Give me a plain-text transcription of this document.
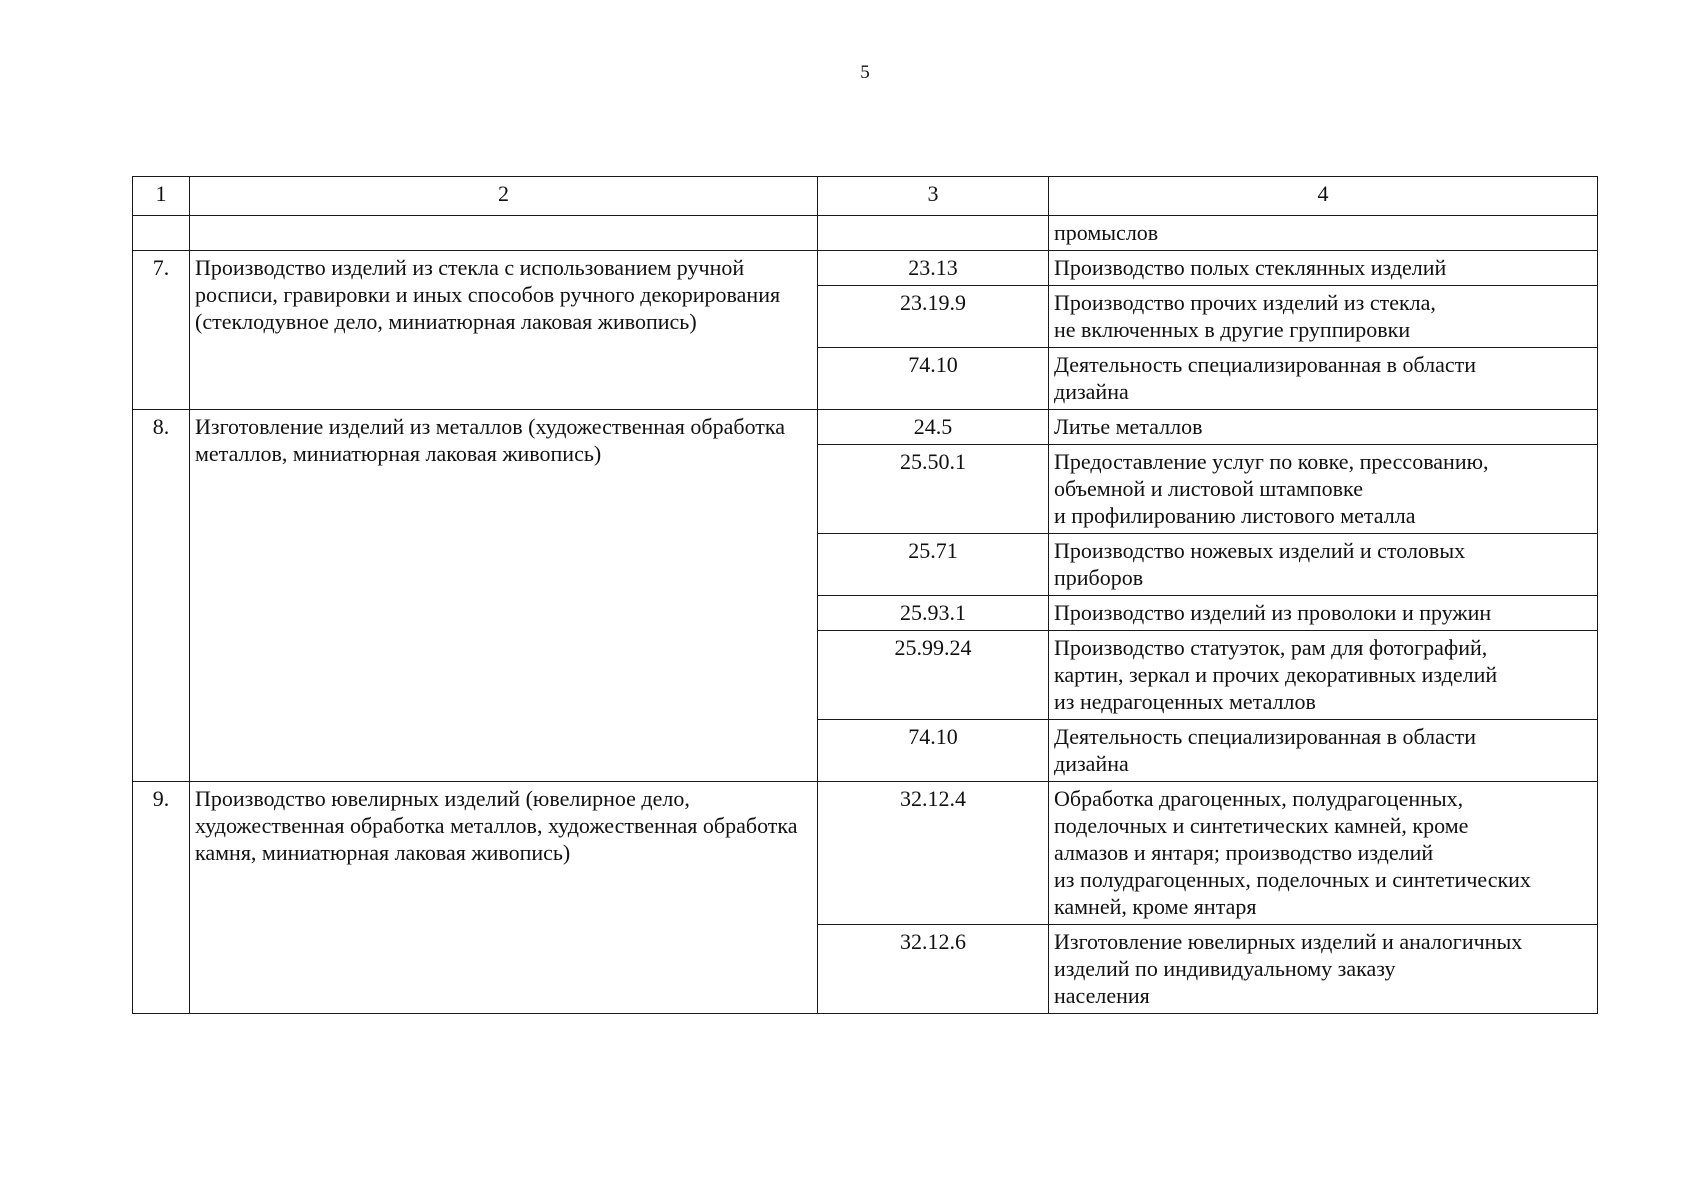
5
1	2	3	4
			промыслов
7.	Производство изделий из стекла с использованием ручной росписи, гравировки и иных способов ручного декорирования (стеклодувное дело, миниатюрная лаковая живопись)	23.13	Производство полых стеклянных изделий
		23.19.9	Производство прочих изделий из стекла,
не включенных в другие группировки
		74.10	Деятельность специализированная в области
дизайна
8.	Изготовление изделий из металлов (художественная обработка металлов, миниатюрная лаковая живопись)	24.5	Литье металлов
		25.50.1	Предоставление услуг по ковке, прессованию,
объемной и листовой штамповке
и профилированию листового металла
		25.71	Производство ножевых изделий и столовых
приборов
		25.93.1	Производство изделий из проволоки и пружин
		25.99.24	Производство статуэток, рам для фотографий,
картин, зеркал и прочих декоративных изделий
из недрагоценных металлов
		74.10	Деятельность специализированная в области
дизайна
9.	Производство ювелирных изделий (ювелирное дело, художественная обработка металлов, художественная обработка камня, миниатюрная лаковая живопись)	32.12.4	Обработка драгоценных, полудрагоценных,
поделочных и синтетических камней, кроме
алмазов и янтаря; производство изделий
из полудрагоценных, поделочных и синтетических
камней, кроме янтаря
		32.12.6	Изготовление ювелирных изделий и аналогичных
изделий по индивидуальному заказу
населения
